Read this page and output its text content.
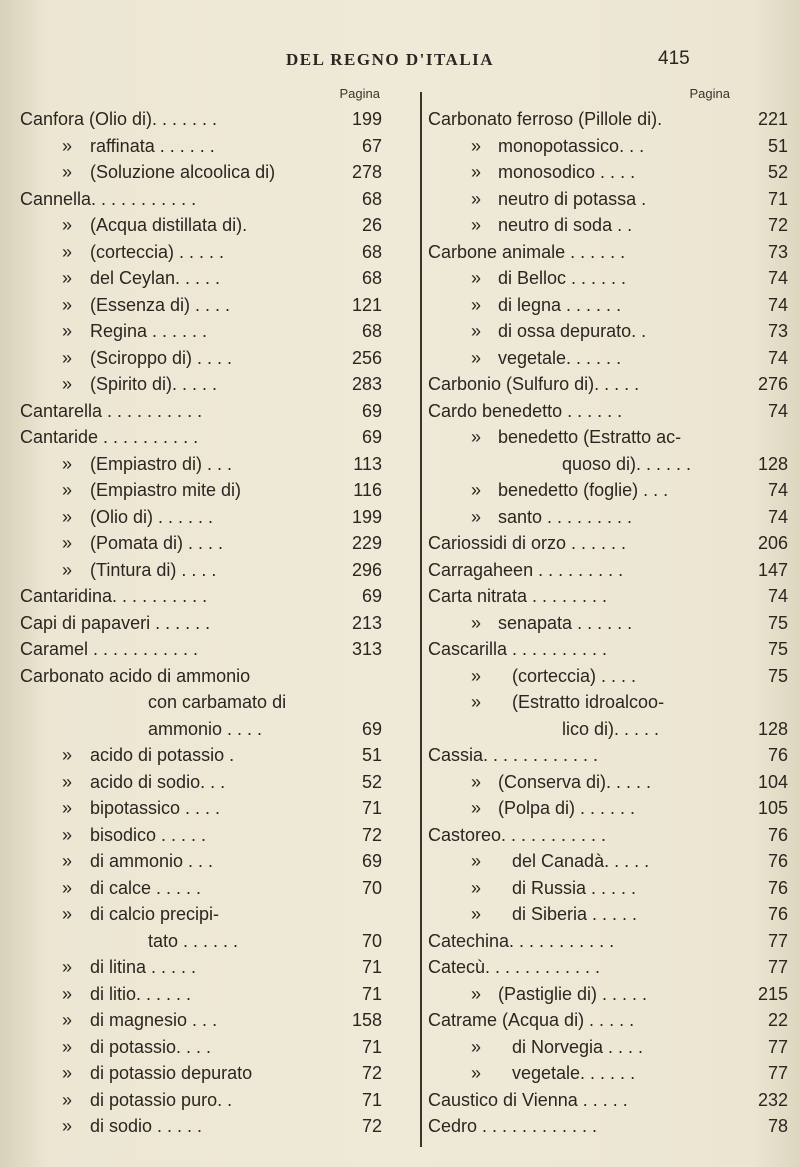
DEL REGNO D'ITALIA	415
Pagina
Canfora (Olio di). . . . . . .	199
» raffinata . . . . . .	67
» (Soluzione alcoolica di)	278
Cannella. . . . . . . . . . .	68
» (Acqua distillata di).	26
» (corteccia) . . . . .	68
» del Ceylan. . . . .	68
» (Essenza di) . . . .	121
» Regina . . . . . .	68
» (Sciroppo di) . . . .	256
» (Spirito di). . . . .	283
Cantarella . . . . . . . . . .	69
Cantaride . . . . . . . . . .	69
» (Empiastro di) . . .	113
» (Empiastro mite di)	116
» (Olio di) . . . . . .	199
» (Pomata di) . . . .	229
» (Tintura di) . . . .	296
Cantaridina. . . . . . . . . .	69
Capi di papaveri . . . . . .	213
Caramel . . . . . . . . . . .	313
Carbonato acido di ammonio
con carbamato di
ammonio . . . .	69
» acido di potassio .	51
» acido di sodio. . .	52
» bipotassico . . . .	71
» bisodico . . . . .	72
» di ammonio . . .	69
» di calce . . . . .	70
» di calcio precipi-
tato . . . . . .	70
» di litina . . . . .	71
» di litio. . . . . .	71
» di magnesio . . .	158
» di potassio. . . .	71
» di potassio depurato	72
» di potassio puro. .	71
» di sodio . . . . .	72
Pagina
Carbonato ferroso (Pillole di).	221
» monopotassico. . .	51
» monosodico . . . .	52
» neutro di potassa .	71
» neutro di soda . .	72
Carbone animale . . . . . .	73
» di Belloc . . . . . .	74
» di legna . . . . . .	74
» di ossa depurato. .	73
» vegetale. . . . . .	74
Carbonio (Sulfuro di). . . . .	276
Cardo benedetto . . . . . .	74
» benedetto (Estratto ac-
quoso di). . . . . .	128
» benedetto (foglie) . . .	74
» santo . . . . . . . . .	74
Cariossidi di orzo . . . . . .	206
Carragaheen . . . . . . . . .	147
Carta nitrata . . . . . . . .	74
» senapata . . . . . .	75
Cascarilla . . . . . . . . . .	75
» (corteccia) . . . .	75
» (Estratto idroalcoo-
lico di). . . . .	128
Cassia. . . . . . . . . . . .	76
» (Conserva di). . . . .	104
» (Polpa di) . . . . . .	105
Castoreo. . . . . . . . . . .	76
» del Canadà. . . . .	76
» di Russia . . . . .	76
» di Siberia . . . . .	76
Catechina. . . . . . . . . . .	77
Catecù. . . . . . . . . . . .	77
» (Pastiglie di) . . . . .	215
Catrame (Acqua di) . . . . .	22
» di Norvegia . . . .	77
» vegetale. . . . . .	77
Caustico di Vienna . . . . .	232
Cedro . . . . . . . . . . . .	78
